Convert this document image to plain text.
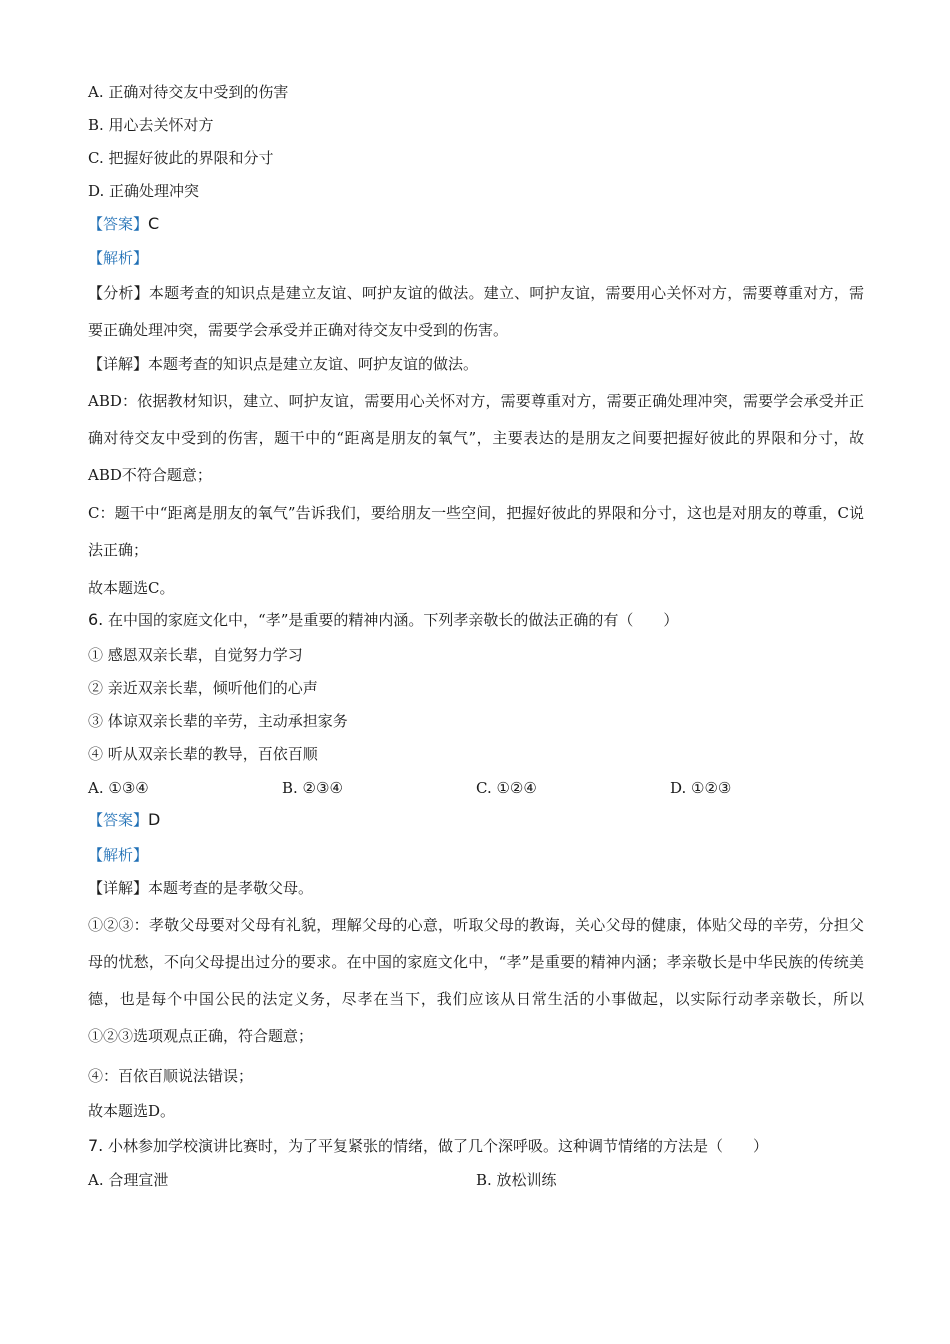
A. 正确对待交友中受到的伤害
B. 用心去关怀对方
C. 把握好彼此的界限和分寸
D. 正确处理冲突
【答案】C
【解析】
【分析】本题考查的知识点是建立友谊、呵护友谊的做法。建立、呵护友谊，需要用心关怀对方，需要尊重对方，需要正确处理冲突，需要学会承受并正确对待交友中受到的伤害。
【详解】本题考查的知识点是建立友谊、呵护友谊的做法。
ABD：依据教材知识，建立、呵护友谊，需要用心关怀对方，需要尊重对方，需要正确处理冲突，需要学会承受并正确对待交友中受到的伤害，题干中的“距离是朋友的氧气”，主要表达的是朋友之间要把握好彼此的界限和分寸，故ABD不符合题意；
C：题干中“距离是朋友的氧气”告诉我们，要给朋友一些空间，把握好彼此的界限和分寸，这也是对朋友的尊重，C说法正确；
故本题选C。
6. 在中国的家庭文化中，“孝”是重要的精神内涵。下列孝亲敬长的做法正确的有（　　）
① 感恩双亲长辈，自觉努力学习
② 亲近双亲长辈，倾听他们的心声
③ 体谅双亲长辈的辛劳，主动承担家务
④ 听从双亲长辈的教导，百依百顺
A. ①③④	B. ②③④	C. ①②④	D. ①②③
【答案】D
【解析】
【详解】本题考查的是孝敬父母。
①②③：孝敬父母要对父母有礼貌，理解父母的心意，听取父母的教诲，关心父母的健康，体贴父母的辛劳，分担父母的忧愁，不向父母提出过分的要求。在中国的家庭文化中，“孝”是重要的精神内涵；孝亲敬长是中华民族的传统美德，也是每个中国公民的法定义务，尽孝在当下，我们应该从日常生活的小事做起，以实际行动孝亲敬长，所以①②③选项观点正确，符合题意；
④：百依百顺说法错误；
故本题选D。
7. 小林参加学校演讲比赛时，为了平复紧张的情绪，做了几个深呼吸。这种调节情绪的方法是（　　）
A. 合理宣泄	B. 放松训练
